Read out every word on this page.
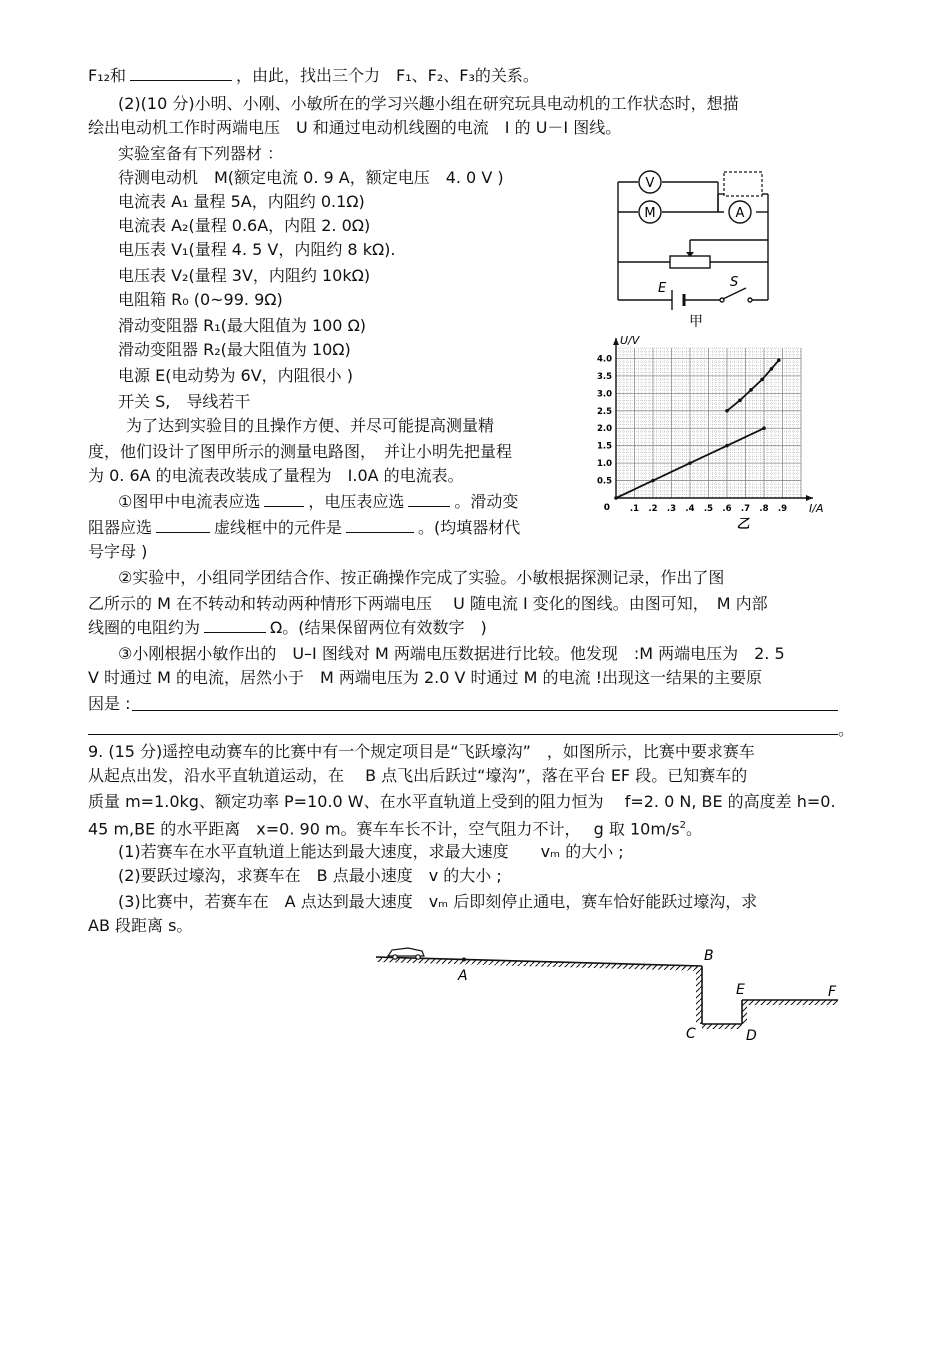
F₁₂和	，由此，找出三个力　F₁、F₂、F₃的关系。
(2)(10 分)小明、小刚、小敏所在的学习兴趣小组在研究玩具电动机的工作状态时，想描
绘出电动机工作时两端电压　U 和通过电动机线圈的电流　I 的 U－I 图线。
实验室备有下列器材 ：
待测电动机　M(额定电流 0. 9 A，额定电压　4. 0 V )
电流表 A₁ 量程 5A，内阻约 0.1Ω)
电流表 A₂(量程 0.6A，内阻 2. 0Ω)
电压表 V₁(量程 4. 5 V，内阻约 8 kΩ).
电压表 V₂(量程 3V，内阻约 10kΩ)
电阻箱 R₀ (0~99. 9Ω)
滑动变阻器 R₁(最大阻值为 100 Ω)
滑动变阻器 R₂(最大阻值为 10Ω)
电源 E(电动势为 6V，内阻很小 )
开关 S,　导线若干
为了达到实验目的且操作方便、并尽可能提高测量精
度，他们设计了图甲所示的测量电路图，　并让小明先把量程
为 0. 6A 的电流表改装成了量程为　I.0A 的电流表。
①图甲中电流表应选	，电压表应选	。滑动变
阻器应选	虚线框中的元件是	。(均填器材代
号字母 )
②实验中，小组同学团结合作、按正确操作完成了实验。小敏根据探测记录，作出了图
乙所示的 M 在不转动和转动两种情形下两端电压　 U 随电流 I 变化的图线。由图可知，　M 内部
线圈的电阻约为	Ω。(结果保留两位有效数字　)
③小刚根据小敏作出的　U–I 图线对 M 两端电压数据进行比较。他发现　:M 两端电压为　2. 5
V 时通过 M 的电流，居然小于　M 两端电压为 2.0 V 时通过 M 的电流 !出现这一结果的主要原
因是 :
。
9. (15 分)遥控电动赛车的比赛中有一个规定项目是“飞跃壕沟”　，如图所示，比赛中要求赛车
从起点出发，沿水平直轨道运动，在　 B 点飞出后跃过“壕沟”，落在平台 EF 段。已知赛车的
质量 m=1.0kg、额定功率 P=10.0 W、在水平直轨道上受到的阻力恒为　 f=2. 0 N, BE 的高度差 h=0.
45 m,BE 的水平距离　x=0. 90 m。赛车车长不计，空气阻力不计，　 g 取 $10m/s^2$。
(1)若赛车在水平直轨道上能达到最大速度，求最大速度　　vₘ 的大小 ;
(2)要跃过壕沟，求赛车在　B 点最小速度　v 的大小 ;
(3)比赛中，若赛车在　A 点达到最大速度　vₘ 后即刻停止通电，赛车恰好能跃过壕沟，求
AB 段距离 s。
V
M	A
E	S
甲
.1 .2 .3 .4 .5 .6 .7 .8 .9
0.5
1.0
1.5
2.0
2.5
3.0
3.5
4.0
0	I/A
U/V
乙
A
B
C	D
E	F
